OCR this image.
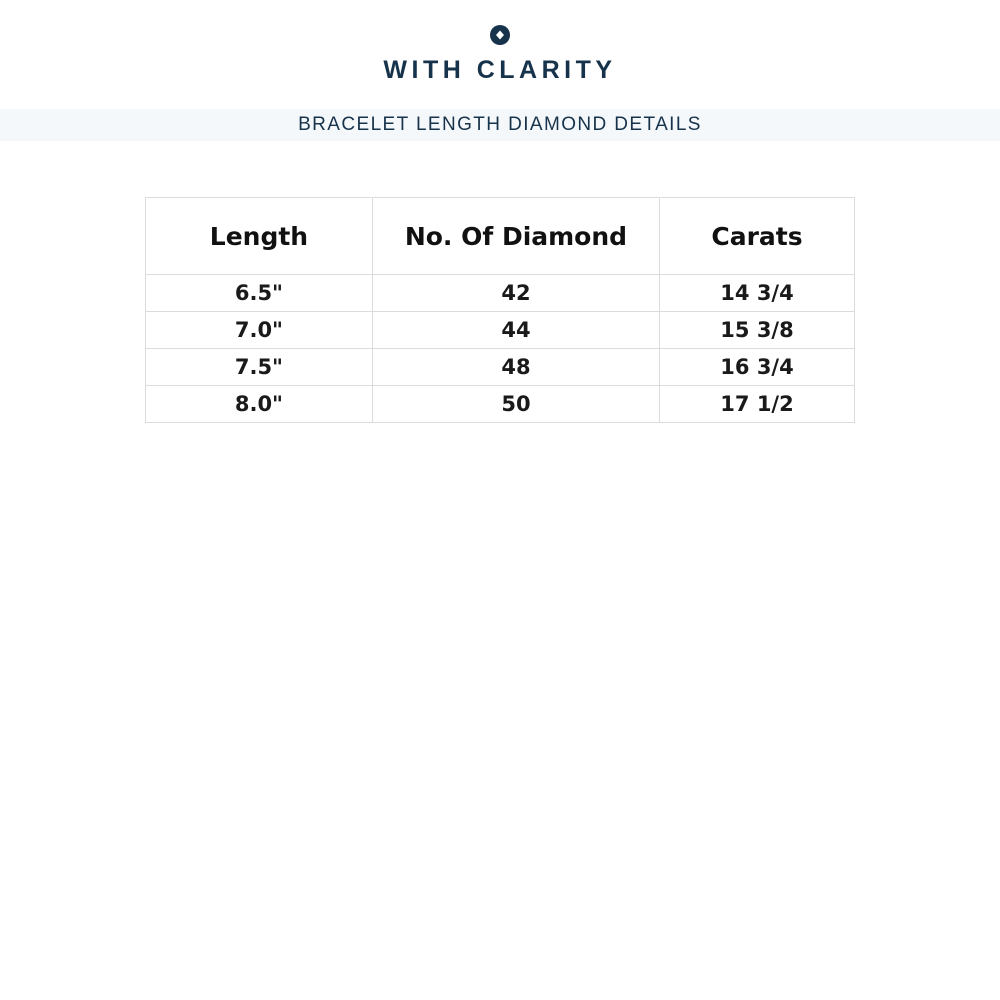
WITH CLARITY
BRACELET LENGTH DIAMOND DETAILS
Length	No. Of Diamond	Carats
6.5"	42	14 3/4
7.0"	44	15 3/8
7.5"	48	16 3/4
8.0"	50	17 1/2
